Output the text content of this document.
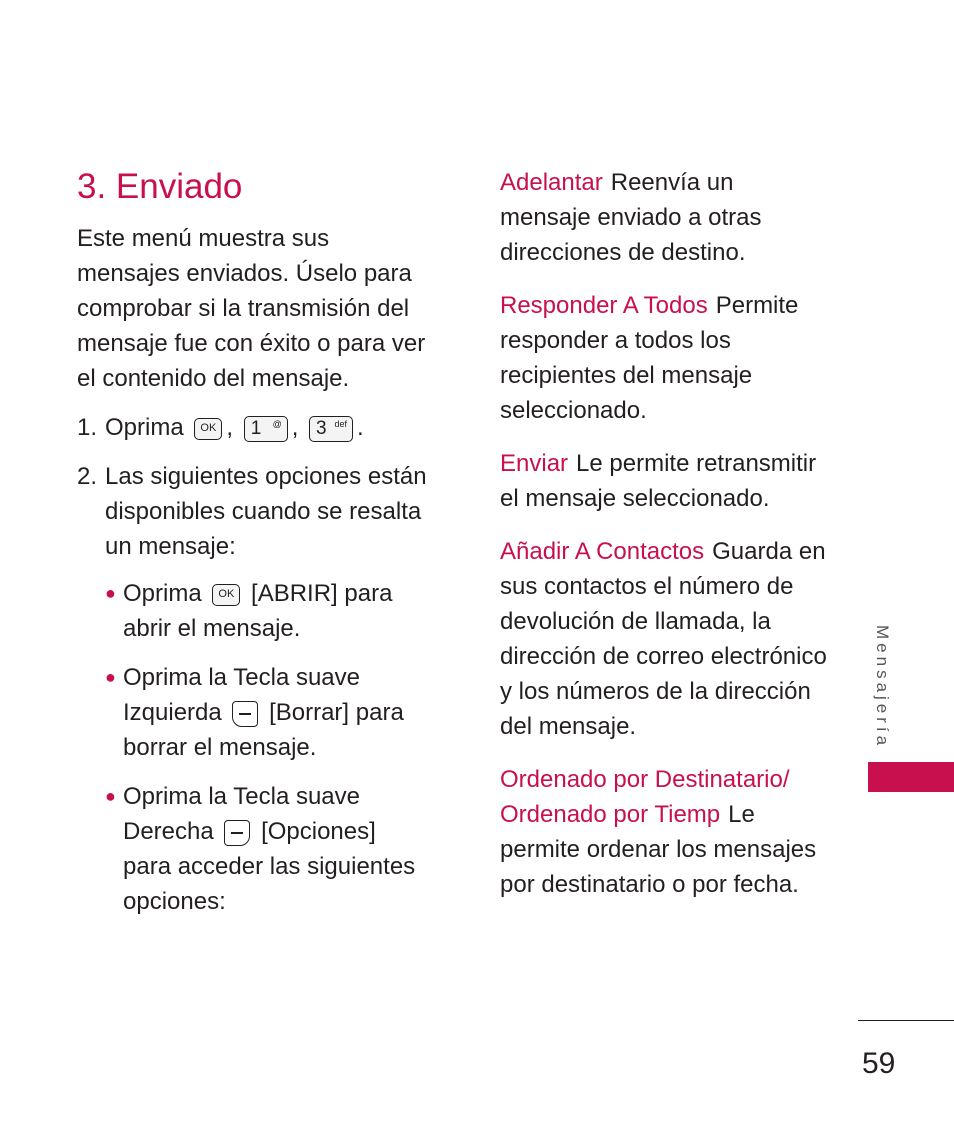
3. Enviado

Este menú muestra sus mensajes enviados. Úselo para comprobar si la transmisión del mensaje fue con éxito o para ver el contenido del mensaje.

1. Oprima OK , 1 @ , 3 def .
2. Las siguientes opciones están disponibles cuando se resalta un mensaje:
● Oprima OK [ABRIR] para abrir el mensaje.
● Oprima la Tecla suave Izquierda [Borrar] para borrar el mensaje.
● Oprima la Tecla suave Derecha [Opciones] para acceder las siguientes opciones:

Adelantar Reenvía un mensaje enviado a otras direcciones de destino.

Responder A Todos Permite responder a todos los recipientes del mensaje seleccionado.

Enviar Le permite retransmitir el mensaje seleccionado.

Añadir A Contactos Guarda en sus contactos el número de devolución de llamada, la dirección de correo electrónico y los números de la dirección del mensaje.

Ordenado por Destinatario/ Ordenado por Tiemp Le permite ordenar los mensajes por destinatario o por fecha.

Mensajería
59
